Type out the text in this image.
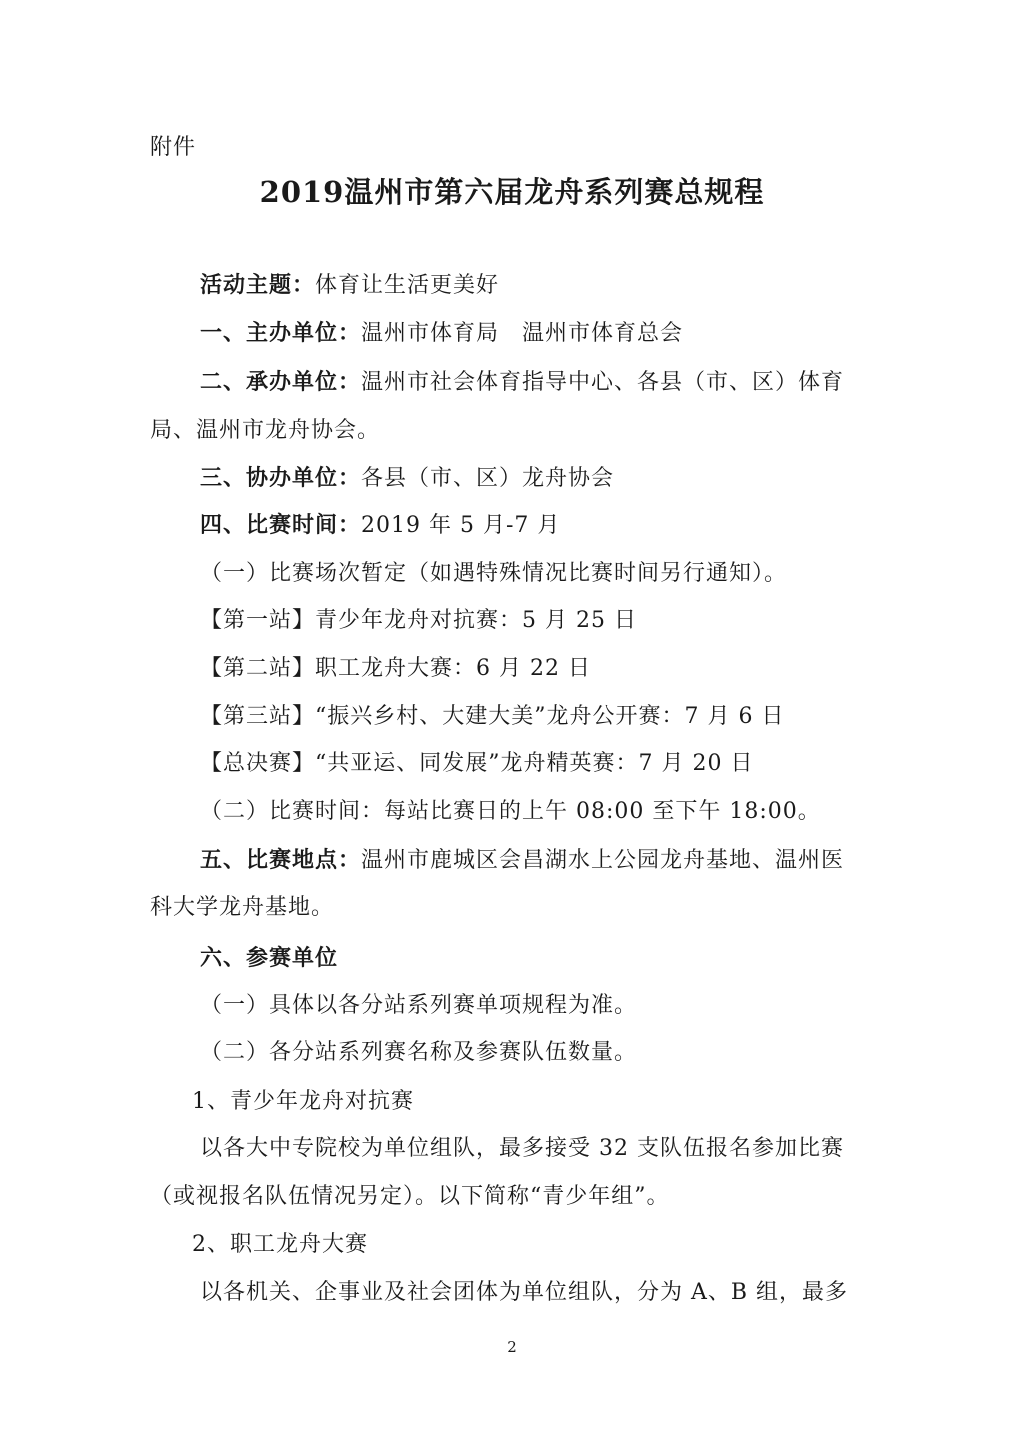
附件
2019温州市第六届龙舟系列赛总规程
活动主题：体育让生活更美好
一、主办单位：温州市体育局　温州市体育总会
二、承办单位：温州市社会体育指导中心、各县（市、区）体育
局、温州市龙舟协会。
三、协办单位：各县（市、区）龙舟协会
四、比赛时间：2019 年 5 月-7 月
（一）比赛场次暂定（如遇特殊情况比赛时间另行通知）。
【第一站】青少年龙舟对抗赛：5 月 25 日
【第二站】职工龙舟大赛：6 月 22 日
【第三站】“振兴乡村、大建大美”龙舟公开赛：7 月 6 日
【总决赛】“共亚运、同发展”龙舟精英赛：7 月 20 日
（二）比赛时间：每站比赛日的上午 08:00 至下午 18:00。
五、比赛地点：温州市鹿城区会昌湖水上公园龙舟基地、温州医
科大学龙舟基地。
六、参赛单位
（一）具体以各分站系列赛单项规程为准。
（二）各分站系列赛名称及参赛队伍数量。
1、青少年龙舟对抗赛
以各大中专院校为单位组队，最多接受 32 支队伍报名参加比赛
（或视报名队伍情况另定）。以下简称“青少年组”。
2、职工龙舟大赛
以各机关、企事业及社会团体为单位组队，分为 A、B 组，最多
2
